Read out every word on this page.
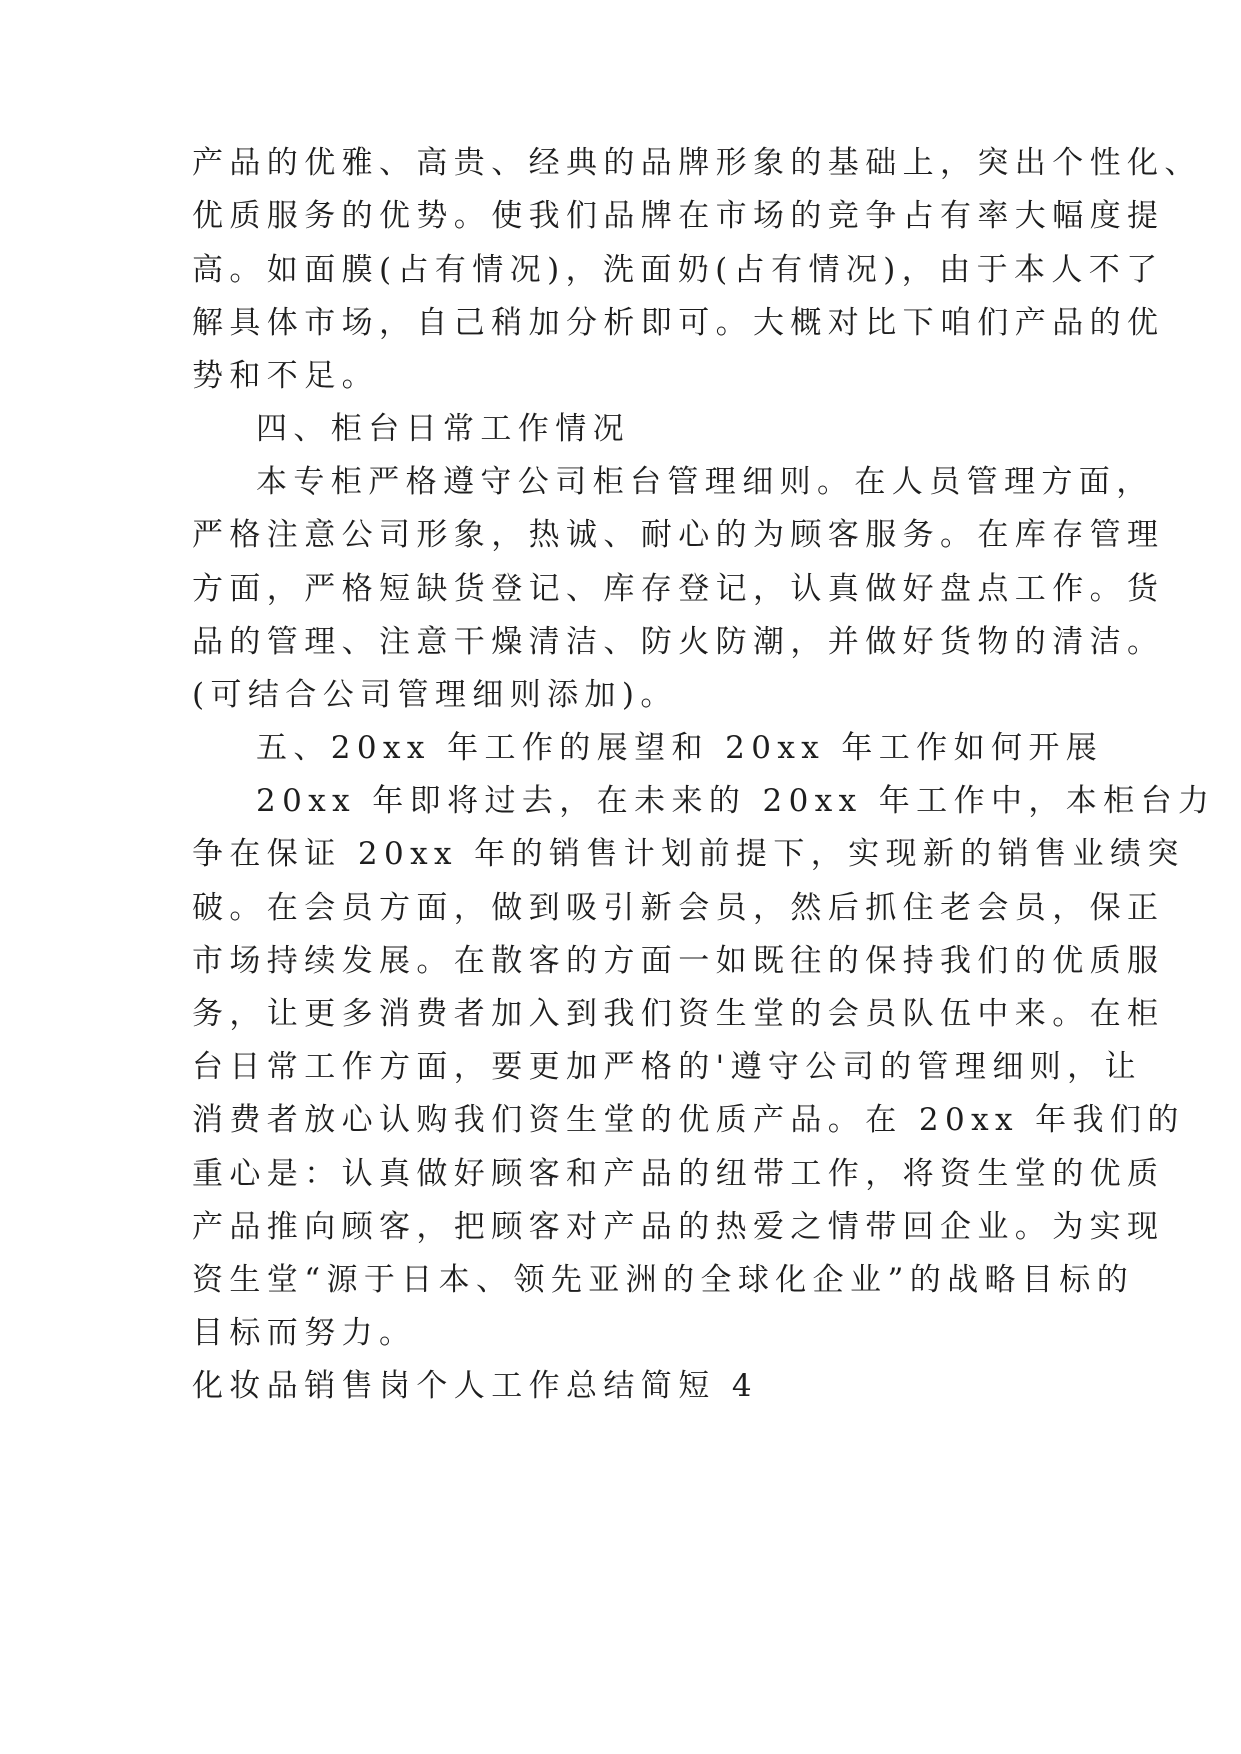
产品的优雅、高贵、经典的品牌形象的基础上，突出个性化、

优质服务的优势。使我们品牌在市场的竞争占有率大幅度提

高。如面膜(占有情况)，洗面奶(占有情况)，由于本人不了

解具体市场，自己稍加分析即可。大概对比下咱们产品的优

势和不足。

四、柜台日常工作情况

本专柜严格遵守公司柜台管理细则。在人员管理方面，

严格注意公司形象，热诚、耐心的为顾客服务。在库存管理

方面，严格短缺货登记、库存登记，认真做好盘点工作。货

品的管理、注意干燥清洁、防火防潮，并做好货物的清洁。

(可结合公司管理细则添加)。

五、20xx 年工作的展望和 20xx 年工作如何开展

20xx 年即将过去，在未来的 20xx 年工作中，本柜台力

争在保证 20xx 年的销售计划前提下，实现新的销售业绩突

破。在会员方面，做到吸引新会员，然后抓住老会员，保正

市场持续发展。在散客的方面一如既往的保持我们的优质服

务，让更多消费者加入到我们资生堂的会员队伍中来。在柜

台日常工作方面，要更加严格的'遵守公司的管理细则，让

消费者放心认购我们资生堂的优质产品。在 20xx 年我们的

重心是：认真做好顾客和产品的纽带工作，将资生堂的优质

产品推向顾客，把顾客对产品的热爱之情带回企业。为实现

资生堂“源于日本、领先亚洲的全球化企业”的战略目标的

目标而努力。

化妆品销售岗个人工作总结简短 4
